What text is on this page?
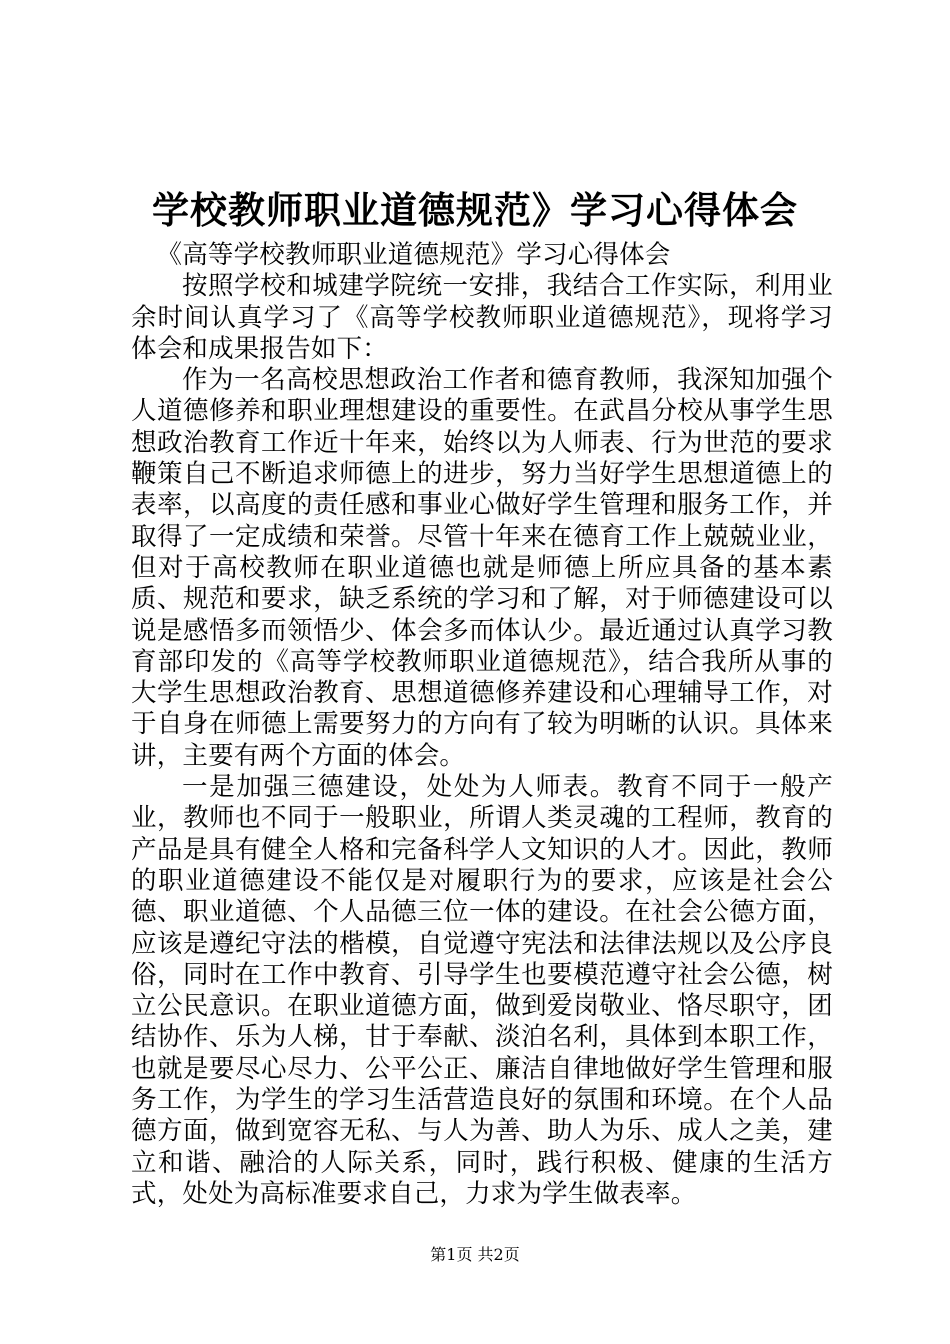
学校教师职业道德规范》学习心得体会

《高等学校教师职业道德规范》学习心得体会

按照学校和城建学院统一安排，我结合工作实际，利用业余时间认真学习了《高等学校教师职业道德规范》，现将学习体会和成果报告如下：

作为一名高校思想政治工作者和德育教师，我深知加强个人道德修养和职业理想建设的重要性。在武昌分校从事学生思想政治教育工作近十年来，始终以为人师表、行为世范的要求鞭策自己不断追求师德上的进步，努力当好学生思想道德上的表率，以高度的责任感和事业心做好学生管理和服务工作，并取得了一定成绩和荣誉。尽管十年来在德育工作上兢兢业业，但对于高校教师在职业道德也就是师德上所应具备的基本素质、规范和要求，缺乏系统的学习和了解，对于师德建设可以说是感悟多而领悟少、体会多而体认少。最近通过认真学习教育部印发的《高等学校教师职业道德规范》，结合我所从事的大学生思想政治教育、思想道德修养建设和心理辅导工作，对于自身在师德上需要努力的方向有了较为明晰的认识。具体来讲，主要有两个方面的体会。

一是加强三德建设，处处为人师表。教育不同于一般产业，教师也不同于一般职业，所谓人类灵魂的工程师，教育的产品是具有健全人格和完备科学人文知识的人才。因此，教师的职业道德建设不能仅是对履职行为的要求，应该是社会公德、职业道德、个人品德三位一体的建设。在社会公德方面，应该是遵纪守法的楷模，自觉遵守宪法和法律法规以及公序良俗，同时在工作中教育、引导学生也要模范遵守社会公德，树立公民意识。在职业道德方面，做到爱岗敬业、恪尽职守，团结协作、乐为人梯，甘于奉献、淡泊名利，具体到本职工作，也就是要尽心尽力、公平公正、廉洁自律地做好学生管理和服务工作，为学生的学习生活营造良好的氛围和环境。在个人品德方面，做到宽容无私、与人为善、助人为乐、成人之美，建立和谐、融洽的人际关系，同时，践行积极、健康的生活方式，处处为高标准要求自己，力求为学生做表率。

第1页 共2页
